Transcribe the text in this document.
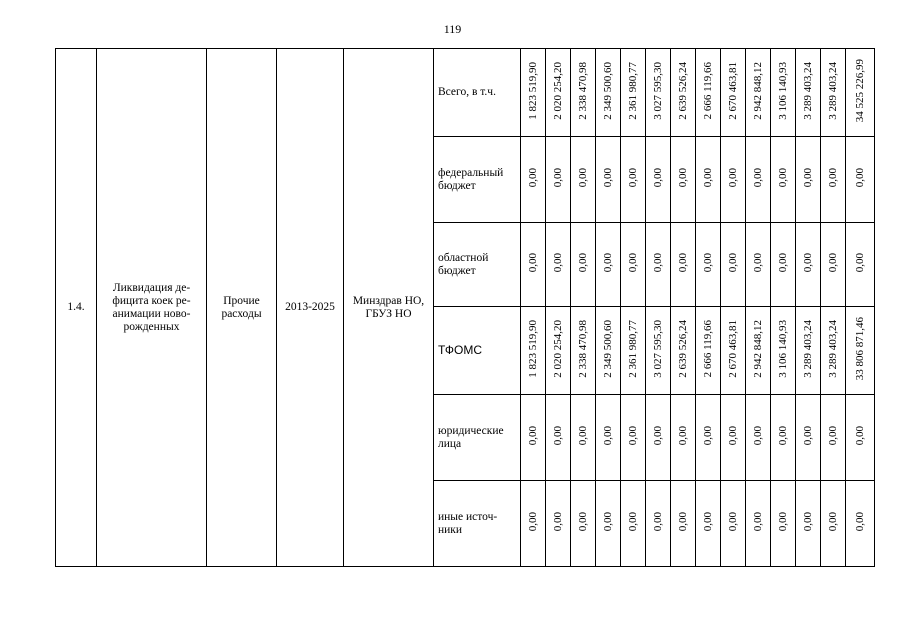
119
1.4.	Ликвидация де-фицита коек ре-анимации ново-рожденных	Прочие расходы	2013-2025	Минздрав НО, ГБУЗ НО	Всего, в т.ч.	1 823 519,90	2 020 254,20	2 338 470,98	2 349 500,60	2 361 980,77	3 027 595,30	2 639 526,24	2 666 119,66	2 670 463,81	2 942 848,12	3 106 140,93	3 289 403,24	3 289 403,24	34 525 226,99

					федеральный бюджет	0,00	0,00	0,00	0,00	0,00	0,00	0,00	0,00	0,00	0,00	0,00	0,00	0,00	0,00

					областной бюджет	0,00	0,00	0,00	0,00	0,00	0,00	0,00	0,00	0,00	0,00	0,00	0,00	0,00	0,00

					ТФОМС	1 823 519,90	2 020 254,20	2 338 470,98	2 349 500,60	2 361 980,77	3 027 595,30	2 639 526,24	2 666 119,66	2 670 463,81	2 942 848,12	3 106 140,93	3 289 403,24	3 289 403,24	33 806 871,46

					юридические лица	0,00	0,00	0,00	0,00	0,00	0,00	0,00	0,00	0,00	0,00	0,00	0,00	0,00	0,00

					иные источ-ники	0,00	0,00	0,00	0,00	0,00	0,00	0,00	0,00	0,00	0,00	0,00	0,00	0,00	0,00
